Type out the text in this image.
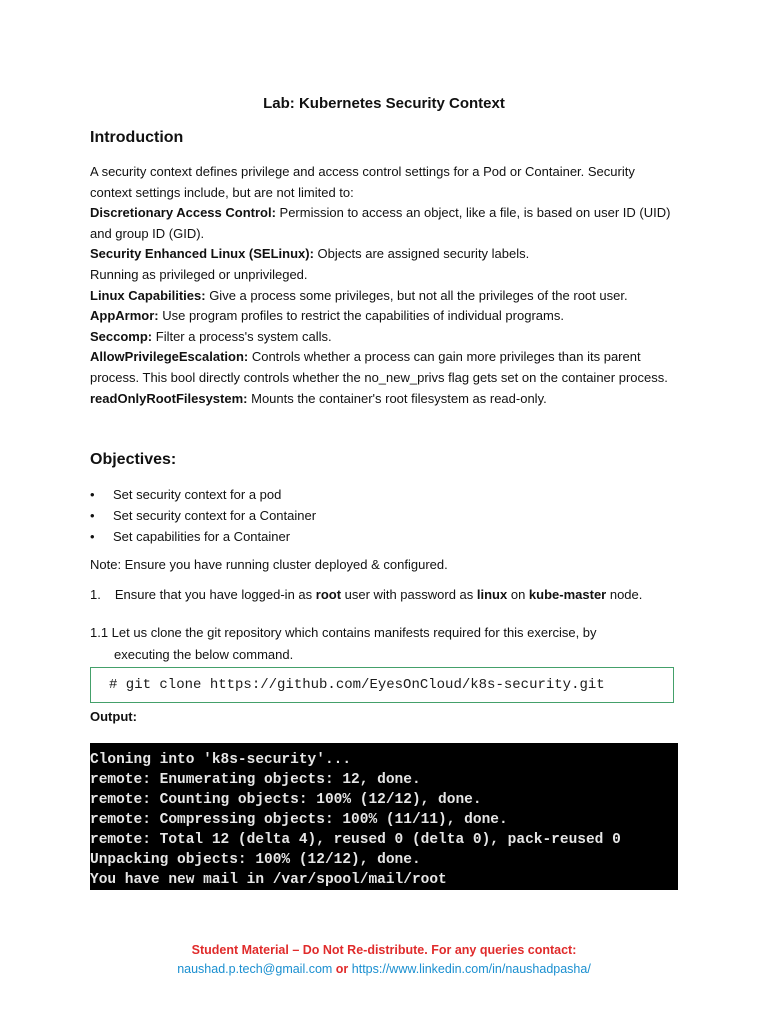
Lab: Kubernetes Security Context
Introduction

A security context defines privilege and access control settings for a Pod or Container. Security context settings include, but are not limited to:

Discretionary Access Control: Permission to access an object, like a file, is based on user ID (UID) and group ID (GID).

Security Enhanced Linux (SELinux): Objects are assigned security labels.

Running as privileged or unprivileged.

Linux Capabilities: Give a process some privileges, but not all the privileges of the root user.

AppArmor: Use program profiles to restrict the capabilities of individual programs.

Seccomp: Filter a process's system calls.

AllowPrivilegeEscalation: Controls whether a process can gain more privileges than its parent process. This bool directly controls whether the no_new_privs flag gets set on the container process.

readOnlyRootFilesystem: Mounts the container's root filesystem as read-only.

Objectives:
• Set security context for a pod
• Set security context for a Container
• Set capabilities for a Container
Note: Ensure you have running cluster deployed & configured.
1. Ensure that you have logged-in as root user with password as linux on kube-master node.
1.1 Let us clone the git repository which contains manifests required for this exercise, by
executing the below command.
# git clone https://github.com/EyesOnCloud/k8s-security.git
Output:
Cloning into 'k8s-security'...
remote: Enumerating objects: 12, done.
remote: Counting objects: 100% (12/12), done.
remote: Compressing objects: 100% (11/11), done.
remote: Total 12 (delta 4), reused 0 (delta 0), pack-reused 0
Unpacking objects: 100% (12/12), done.
You have new mail in /var/spool/mail/root
Student Material – Do Not Re-distribute. For any queries contact:
naushad.p.tech@gmail.com or https://www.linkedin.com/in/naushadpasha/
